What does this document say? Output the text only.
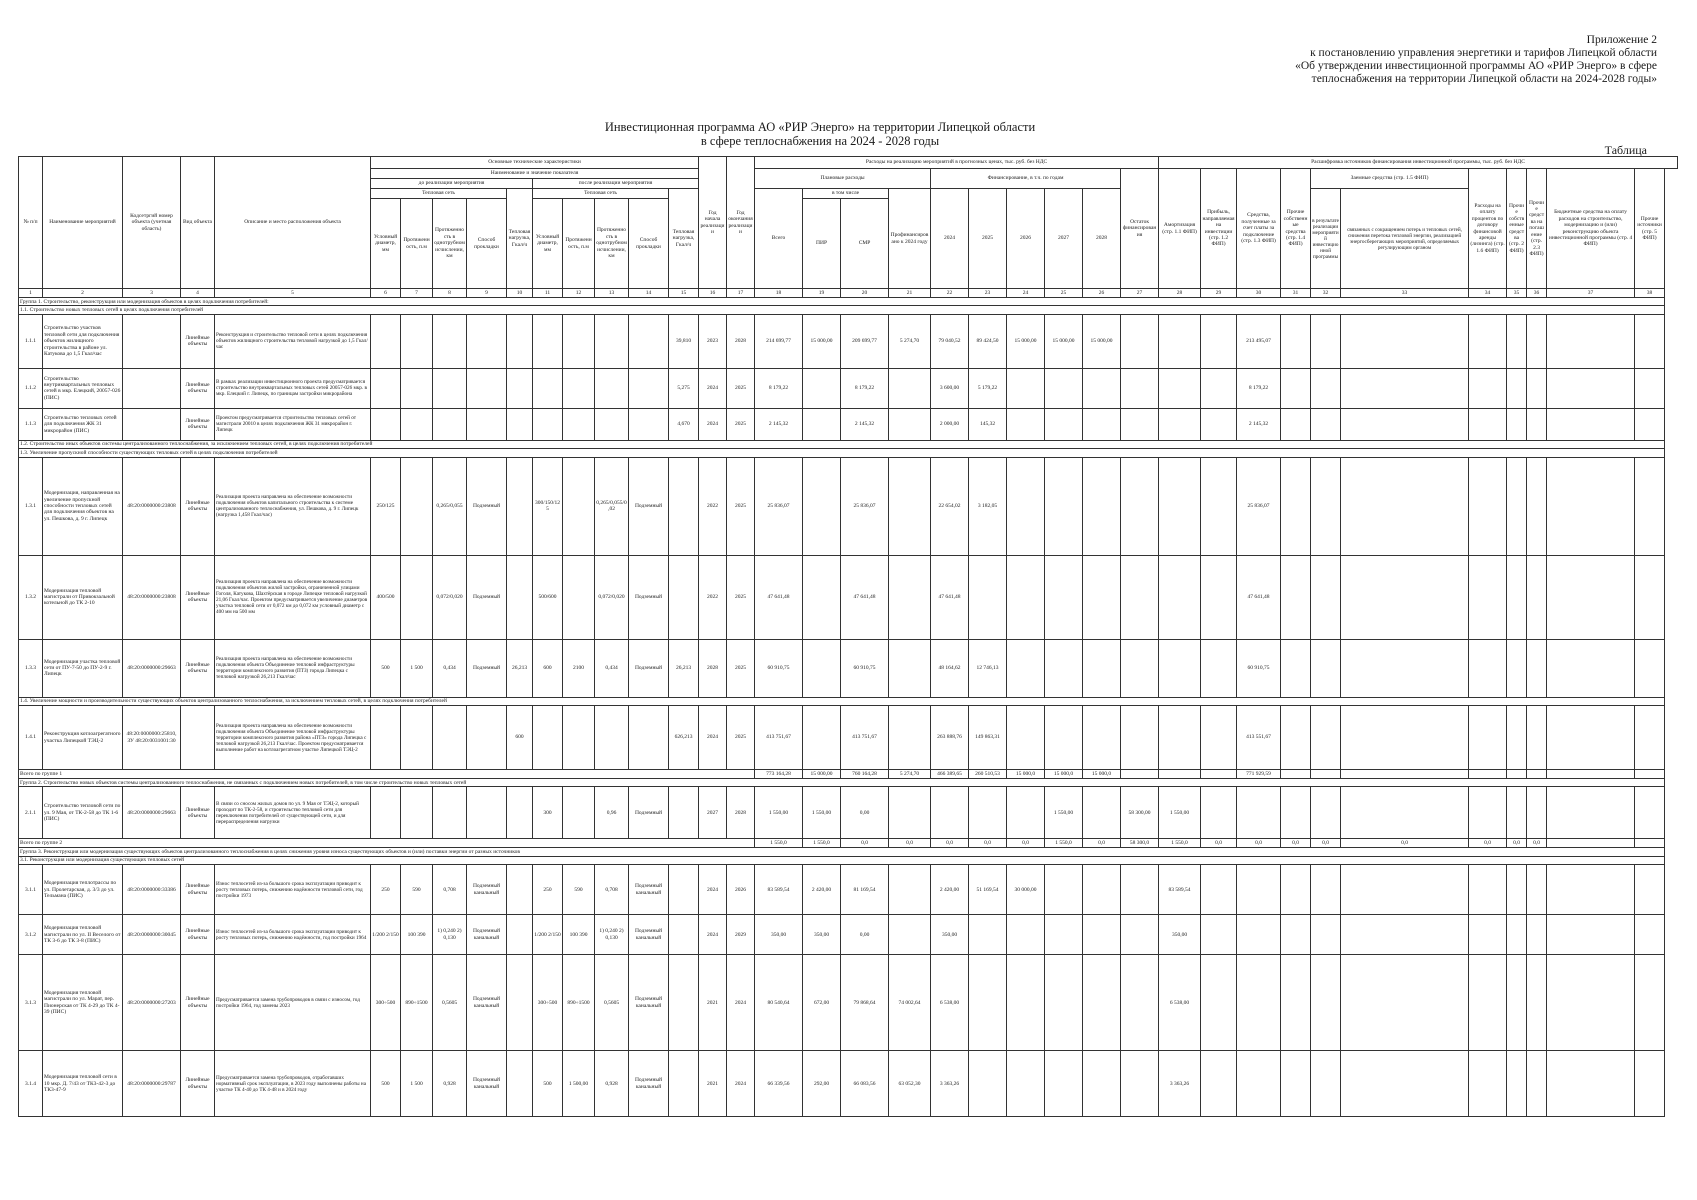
Приложение 2
к постановлению управления энергетики и тарифов Липецкой области
«Об утверждении инвестиционной программы АО «РИР Энерго» в сфере
теплоснабжения на территории Липецкой области на 2024-2028 годы»
Инвестиционная программа АО «РИР Энерго» на территории Липецкой области
в сфере теплоснабжения на 2024 - 2028 годы
Таблица
№ п/п	Наименование мероприятий	Кодсетргий номер объекта (учетная область)	Вид объекта	Описание и место расположения объекта	Основные технические характеристики										Год начала реализации	Год окончания реализации	Расходы на реализацию мероприятий в прогнозных ценах, тыс. руб. без НДС										Расшифровка источников финансирования инвестиционной программы, тыс. руб. без НДС										
					Наименование и значение показателя												Плановые расходы				Финансирование, в т.ч. по годам					Остаток финансирования	Амортизация (стр. 1.1 ФИП)	Прибыль, направляемая на инвестиции (стр. 1.2 ФИП)	Средства, полученные за счет платы за подключение (стр. 1.3 ФИП)	Прочие собственные средства (стр. 1.4 ФИП)	Заемные средства (стр. 1.5 ФИП)		Расходы на оплату процентов по договору финансовой аренды (лизинга) (стр. 1.6 ФИП)	Прочие собственные средства (стр. 2 ФИП)	Прочие средства на погашение (стр. 2.3 ФИП)	Бюджетные средства на оплату расходов на строительство, модернизацию и (или) реконструкцию объекта инвестиционной программы (стр. 4 ФИП)	Прочие источники (стр. 5 ФИП)
					до реализации мероприятия					после реализации мероприятия																											
					Тепловая сеть				Тепловая нагрузка, Гкал/ч	Тепловая сеть				Тепловая нагрузка, Гкал/ч			Всего	в том числе		Профинансировано к 2024 году	2024	2025	2026	2027	2028						в результате реализации мероприятий инвестиционной программы	связанных с сокращением потерь и тепловых сетей, снижения перетока тепловой энергии, реализацией энергосберегающих мероприятий, определяемых регулирующим органом					
					Условный диаметр, мм	Протяженность, п.м	Протяженность в однотрубном исчислении, км	Способ прокладки		Условный диаметр, мм	Протяженность, п.м	Протяженность в однотрубном исчислении, км	Способ прокладки					ПИР	СМР																		

1	2	3	4	5	6	7	8	9	10	11	12	13	14	15	16	17	18	19	20	21	22	23	24	25	26	27	28	29	30	31	32	33	34	35	36	37	38
Группа 1. Строительство, реконструкция или модернизация объектов в целях подключения потребителей:																																					
1.1. Строительство новых тепловых сетей в целях подключения потребителей																																					
1.1.1	Строительство участков тепловой сети для подключения объектов жилищного строительства в районе ул. Катукова до 1,5 Гкал/час		Линейные объекты	Реконструкция и строительство тепловой сети в целях подключения объектов жилищного строительства тепловой нагрузкой до 1,5 Гкал/час										39,810	2023	2028	214 699,77	15 000,00	209 699,77	5 274,70	79 040,52	89 424,50	15 000,00	15 000,00	15 000,00				213 495,07								
1.1.2	Строительство внутриквартальных тепловых сетей в мкр. Елецкий, 20057-026 (ПИС)		Линейные объекты	В рамках реализации инвестиционного проекта предусматривается строительство внутриквартальных тепловых сетей 20057-026 мкр. в мкр. Елецкий г. Липецк, по границам застройки микрорайона										5,275	2024	2025	8 179,22		8 179,22		3 600,00	5 179,22							8 179,22								
1.1.3	Строительство тепловых сетей для подключения ЖК 31 микрорайон (ПИС)		Линейные объекты	Проектом предусматривается строительство тепловых сетей от магистрали 20010 в целях подключения ЖК 31 микрорайон г. Липецк										4,670	2024	2025	2 145,32		2 145,32		2 000,00	145,32							2 145,32								
1.2. Строительство иных объектов системы централизованного теплоснабжения, за исключением тепловых сетей, в целях подключения потребителей																																					
1.3. Увеличение пропускной способности существующих тепловых сетей в целях подключения потребителей																																					
1.3.1	Модернизация, направленная на увеличение пропускной способности тепловых сетей для подключения объектов на ул. Пешкова, д. 9 г. Липецк	48:20:0000000:23808	Линейные объекты	Реализация проекта направлена на обеспечение возможности подключения объектов капитального строительства к системе централизованного теплоснабжения, ул. Пешкова, д. 9 г. Липецк (нагрузка 1,458 Гкал/час)	250/125		0,265/0,055	Подземный		300/150/125		0,265/0,055/0,02	Подземный		2022	2025	25 836,07		25 836,07		22 654,02	3 182,05							25 836,07								
1.3.2	Модернизация тепловой магистрали от Привокзальной котельной до ТК 2-10	48:20:0000000:23808	Линейные объекты	Реализация проекта направлена на обеспечение возможности подключения объектов жилой застройки, ограниченной улицами Гоголя, Катукова, Шахтёрская в городе Липецке тепловой нагрузкой 21,06 Гкал/час. Проектом предусматривается увеличение диаметров участка тепловой сети от 0,072 км до 0,072 км условный диаметр с 400 мм на 500 мм	400/500		0,072/0,020	Подземный		500/600		0,072/0,020	Подземный		2022	2025	47 641,48		47 641,48		47 641,48								47 641,48								
1.3.3	Модернизация участка тепловой сети от ПУ-7-50 до ПУ-2-9 г. Липецк	48:20:0000000:29663	Линейные объекты	Реализация проекта направлена на обеспечение возможности подключения объекта Объединение тепловой инфраструктуры территории комплексного развития (ПТЗ) города Липецка с тепловой нагрузкой 26,213 Гкал/час	500	1 500	0,434	Подземный	26,213	600	2100	0,434	Подземный	26,213	2028	2025	60 910,75		60 910,75		48 164,62	12 746,13							60 910,75								
1.4. Увеличение мощности и производительности существующих объектов централизованного теплоснабжения, за исключением тепловых сетей, в целях подключения потребителей																																					
1.4.1	Реконструкция котлоагрегатного участка Липецкой ТЭЦ-2	48:20:0000000:25810, ЗУ 48:20:0031001:30		Реализация проекта направлена на обеспечение возможности подключения объекта Объединение тепловой инфраструктуры территории комплексного развития района «ПТЗ» города Липецка с тепловой нагрузкой 26,213 Гкал/час. Проектом предусматривается выполнение работ на котлоагрегатном участке Липецкой ТЭЦ-2					600					626,213	2024	2025	413 751,67		413 751,67		263 888,76	149 863,31							413 551,67								
Всего по группе 1																	773 164,28	15 000,00	760 164,28	5 274,70	466 389,65	260 510,53	15 000,0	15 000,0	15 000,0				771 929,59								
Группа 2. Строительство новых объектов системы централизованного теплоснабжения, не связанных с подключением новых потребителей, в том числе строительство новых тепловых сетей																																					
2.1.1	Строительство тепловой сети по ул. 9 Мая, от ТК-2-58 до ТК 1-6 (ПИС)	48:20:0000000:29663	Линейные объекты	В связи со сносом жилых домов по ул. 9 Мая от ТЭЦ-2, который проходит по ТК-2-58, и строительство тепловой сети для переключения потребителей от существующей сети, и для перераспределения нагрузки						300		0,96	Подземный		2027	2028	1 550,00	1 550,00	0,00					1 550,00		58 300,00	1 550,00										
Всего по группе 2																	1 550,0	1 550,0	0,0	0,0	0,0	0,0	0,0	1 550,0	0,0	58 300,0	1 550,0	0,0	0,0	0,0	0,0	0,0	0,0	0,0	0,0		
Группа 3. Реконструкция или модернизация существующих объектов централизованного теплоснабжения в целях снижения уровня износа существующих объектов и (или) поставки энергии от разных источников																																					
3.1. Реконструкция или модернизация существующих тепловых сетей																																					
3.1.1	Модернизация теплотрассы по ул. Пролетарская, д. 3/3 до ул. Тельмана (ПИС)	48:20:0000000:33386	Линейные объекты	Износ теплосетей из-за большого срока эксплуатации приводит к росту тепловых потерь, снижению надёжности тепловой сети, год постройки 1973	250	590	0,708	Подземный канальный		250	590	0,708	Подземный канальный		2024	2026	83 589,54	2 420,00	81 169,54		2 420,00	51 169,54	30 000,00				83 589,54										
3.1.2	Модернизация тепловой магистрали по ул. II Веселого от ТК 3-6 до ТК 3-8 (ПИС)	48:20:0000000:30045	Линейные объекты	Износ теплосетей из-за большого срока эксплуатации приводит к росту тепловых потерь, снижению надёжности, год постройки 1964	1/200 2/150	100 390	1) 0,240 2) 0,130	Подземный канальный		1/200 2/150	100 390	1) 0,240 2) 0,130	Подземный канальный		2024	2029	350,00	350,00	0,00		350,00						350,00										
3.1.3	Модернизация тепловой магистрали по ул. Марат, пер. Пионерская от ТК 4-29 до ТК 4-39 (ПИС)	48:20:0000000:27203	Линейные объекты	Предусматривается замена трубопроводов в связи с износом, год постройки 1964, год замены 2023	300÷500	890÷1500	0,5605	Подземный канальный		300÷500	890÷1500	0,5605	Подземный канальный		2021	2024	80 540,64	672,00	79 868,64	74 002,64	6 538,00						6 538,00										
3.1.4	Модернизация тепловой сети в 10 мкр. Д. 7/43 от ТК3-42-3 до ТК3-47-9	48:20:0000000:29787	Линейные объекты	Предусматривается замена трубопроводов, отработавших нормативный срок эксплуатации, в 2023 году выполнены работы на участке ТК 4-40 до ТК 4-48 и в 2024 году	500	1 500	0,928	Подземный канальный		500	1 500,00	0,928	Подземный канальный		2021	2024	66 339,56	292,00	66 083,56	63 052,30	3 363,26						3 363,26										
